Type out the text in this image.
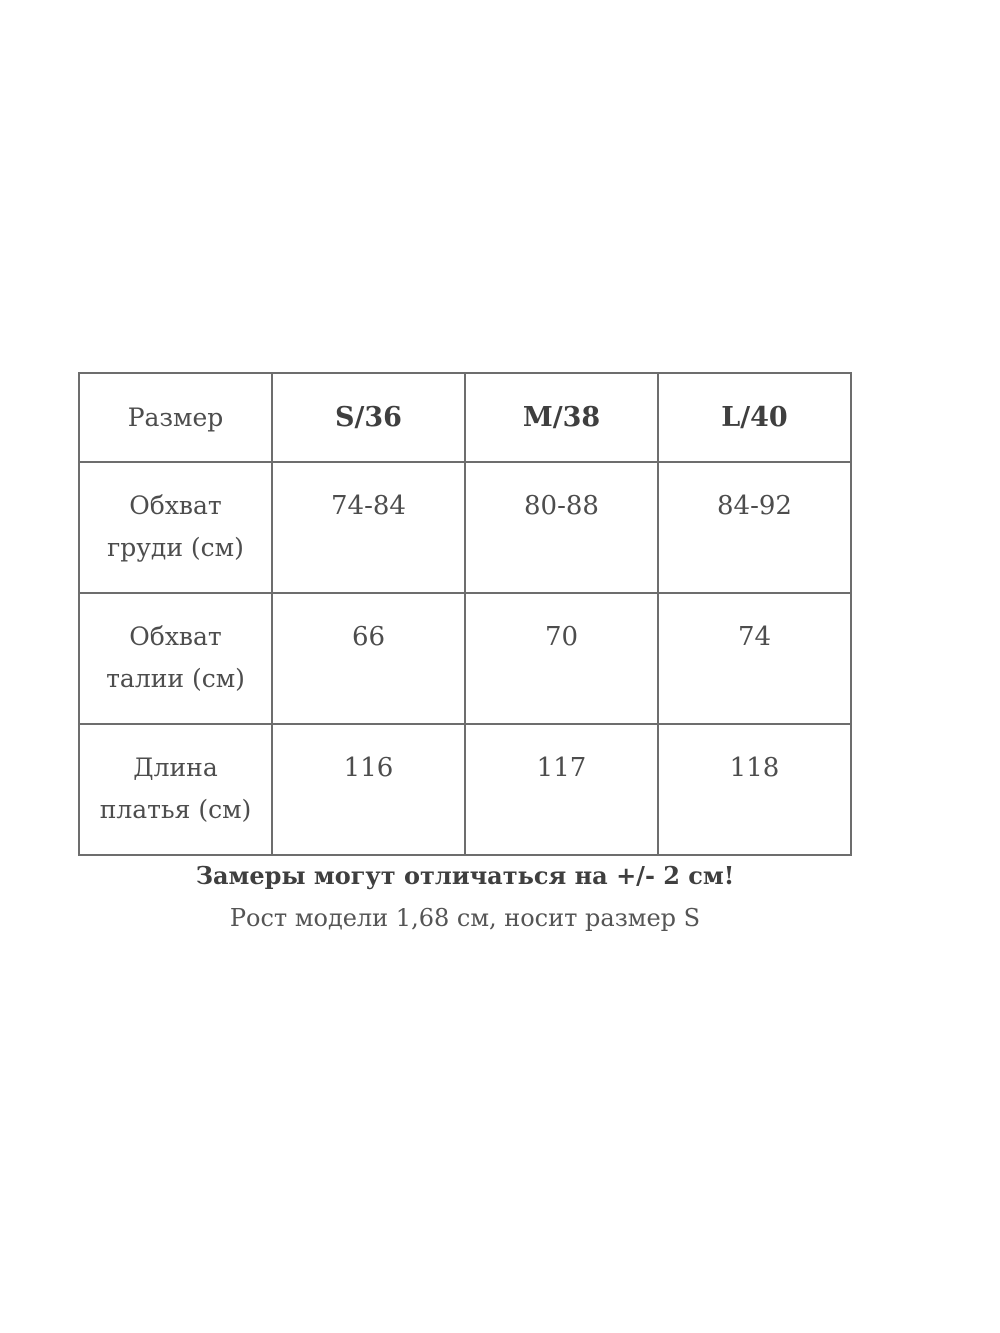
Размер	S/36	M/38	L/40

Обхват
груди (см)	74-84	80-88	84-92

Обхват
талии (см)	66	70	74

Длина
платья (см)	116	117	118
Замеры могут отличаться на +/- 2 см!
Рост модели 1,68 см, носит размер S
